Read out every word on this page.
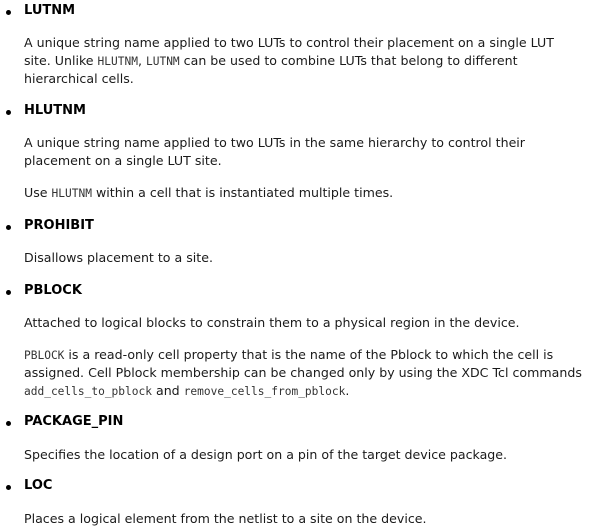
LUTNM
A unique string name applied to two LUTs to control their placement on a single LUT
site. Unlike HLUTNM, LUTNM can be used to combine LUTs that belong to different
hierarchical cells.
HLUTNM
A unique string name applied to two LUTs in the same hierarchy to control their
placement on a single LUT site.
Use HLUTNM within a cell that is instantiated multiple times.
PROHIBIT
Disallows placement to a site.
PBLOCK
Attached to logical blocks to constrain them to a physical region in the device.
PBLOCK is a read-only cell property that is the name of the Pblock to which the cell is
assigned. Cell Pblock membership can be changed only by using the XDC Tcl commands
add_cells_to_pblock and remove_cells_from_pblock.
PACKAGE_PIN
Specifies the location of a design port on a pin of the target device package.
LOC
Places a logical element from the netlist to a site on the device.
